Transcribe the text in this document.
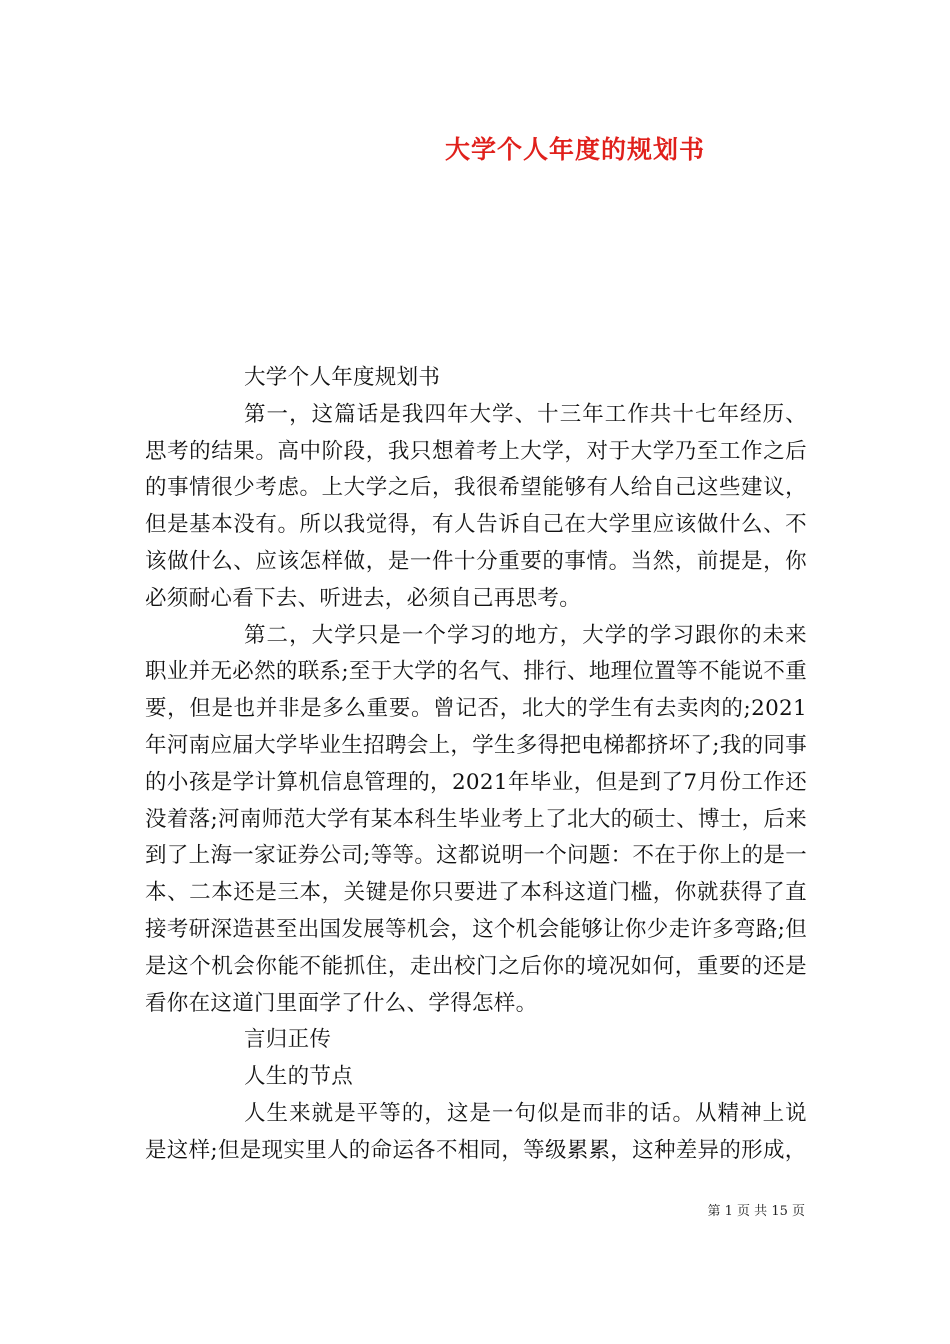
大学个人年度的规划书

大学个人年度规划书

第一，这篇话是我四年大学、十三年工作共十七年经历、思考的结果。高中阶段，我只想着考上大学，对于大学乃至工作之后的事情很少考虑。上大学之后，我很希望能够有人给自己这些建议，但是基本没有。所以我觉得，有人告诉自己在大学里应该做什么、不该做什么、应该怎样做，是一件十分重要的事情。当然，前提是，你必须耐心看下去、听进去，必须自己再思考。

第二，大学只是一个学习的地方，大学的学习跟你的未来职业并无必然的联系;至于大学的名气、排行、地理位置等不能说不重要，但是也并非是多么重要。曾记否，北大的学生有去卖肉的;2021年河南应届大学毕业生招聘会上，学生多得把电梯都挤坏了;我的同事的小孩是学计算机信息管理的，2021年毕业，但是到了7月份工作还没着落;河南师范大学有某本科生毕业考上了北大的硕士、博士，后来到了上海一家证券公司;等等。这都说明一个问题：不在于你上的是一本、二本还是三本，关键是你只要进了本科这道门槛，你就获得了直接考研深造甚至出国发展等机会，这个机会能够让你少走许多弯路;但是这个机会你能不能抓住，走出校门之后你的境况如何，重要的还是看你在这道门里面学了什么、学得怎样。

言归正传

人生的节点

人生来就是平等的，这是一句似是而非的话。从精神上说是这样;但是现实里人的命运各不相同，等级累累，这种差异的形成，

第 1 页 共 15 页
